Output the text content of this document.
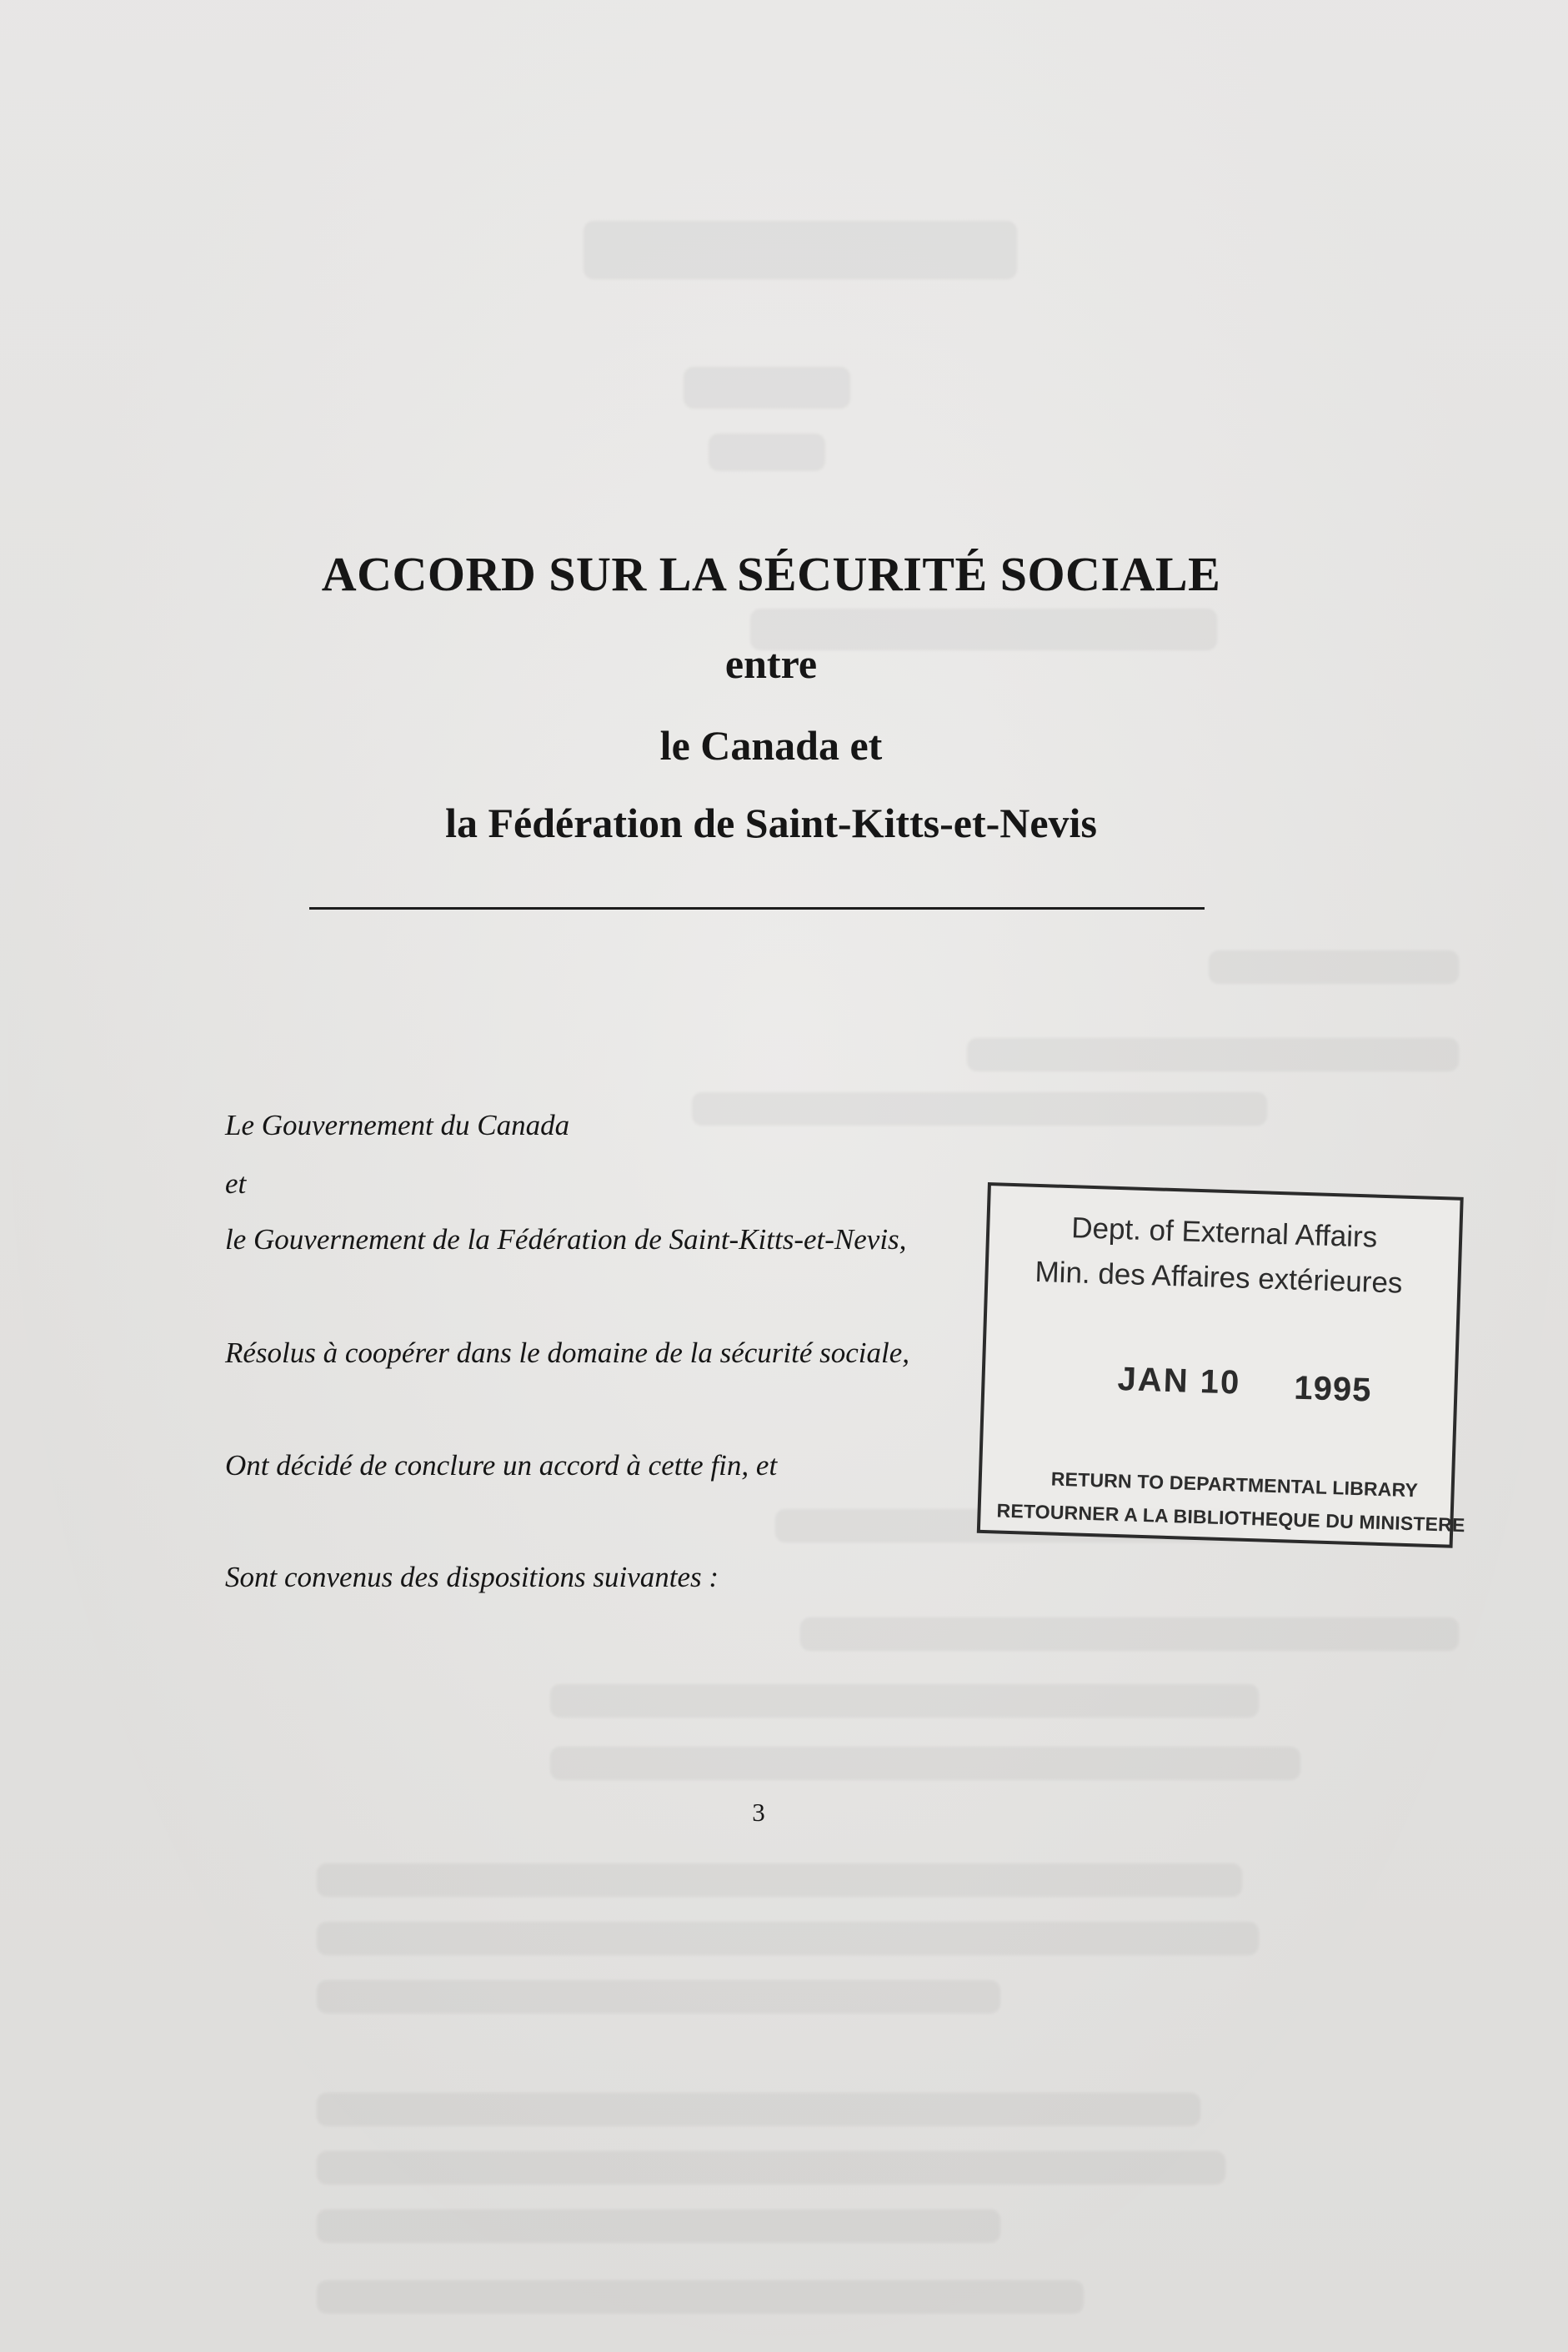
ACCORD SUR LA SÉCURITÉ SOCIALE
entre
le Canada et
la Fédération de Saint-Kitts-et-Nevis
Le Gouvernement du Canada
et
le Gouvernement de la Fédération de Saint-Kitts-et-Nevis,
Résolus à coopérer dans le domaine de la sécurité sociale,
Ont décidé de conclure un accord à cette fin, et
Sont convenus des dispositions suivantes :
3
Dept. of External Affairs
Min. des Affaires extérieures
JAN 10 1995
RETURN TO DEPARTMENTAL LIBRARY
RETOURNER A LA BIBLIOTHEQUE DU MINISTERE
